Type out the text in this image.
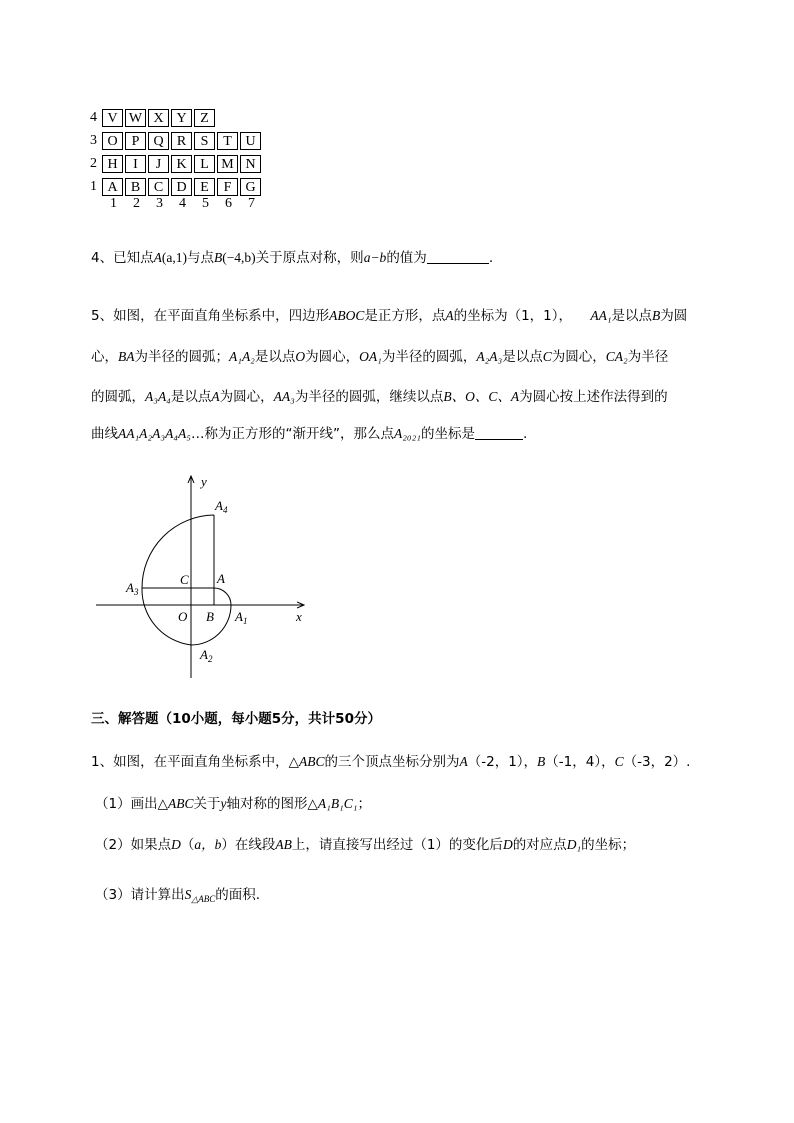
4 V W X Y Z
3 O	P	Q R	S	T U
2 H	I	J	K L M N
1 A B C D E	F	G
1	2	3	4	5	6	7
4、已知点A(a,1)与点B(−4,b)关于原点对称，则a−b的值为	.
5、如图，在平面直角坐标系中，四边形ABOC是正方形，点A的坐标为（1，1）， AA₁是以点B为圆
心，BA为半径的圆弧；A₁A₂是以点O为圆心，OA₁为半径的圆弧，A₂A₃是以点C为圆心，CA₂为半径
的圆弧，A₃A₄是以点A为圆心，AA₃为半径的圆弧，继续以点B、O、C、A为圆心按上述作法得到的
曲线AA₁A₂A₃A₄A₅…称为正方形的“渐开线”，那么点A₂₀₂₁的坐标是	.
y
x
O B
A
C
$A_1$
$A_2$
$A_3$
$A_4$
三、解答题（10小题，每小题5分，共计50分）
1、如图，在平面直角坐标系中，△ABC的三个顶点坐标分别为A（-2，1），B（-1，4），C（-3，2）.
（1）画出△ABC关于y轴对称的图形△A₁B₁C₁；
（2）如果点D（a，b）在线段AB上，请直接写出经过（1）的变化后D的对应点D₁的坐标；
（3）请计算出$S_{\triangle ABC}$的面积.
